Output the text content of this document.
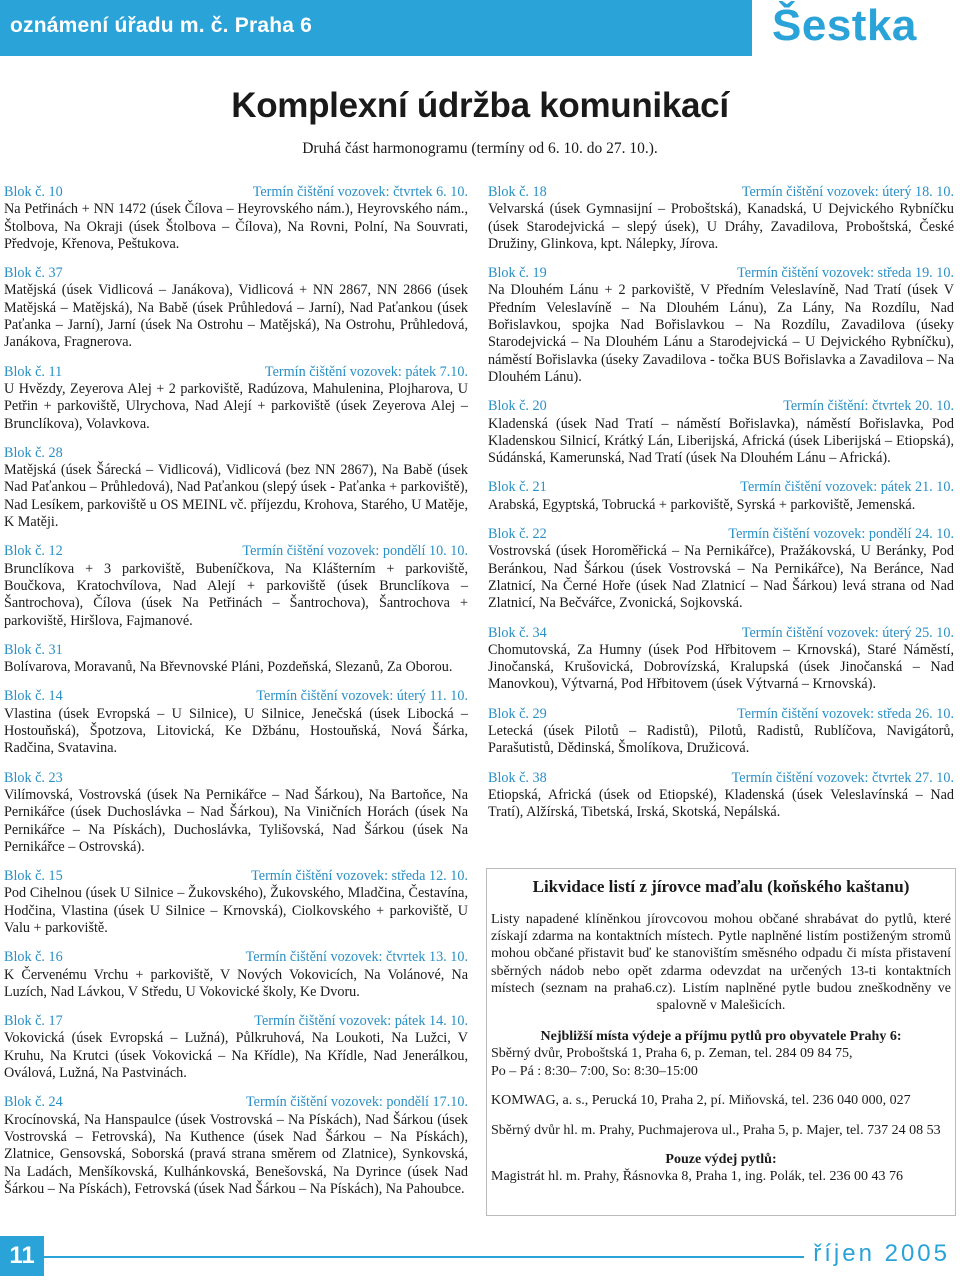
oznámení úřadu m. č. Praha 6	Šestka
Komplexní údržba komunikací
Druhá část harmonogramu (termíny od 6. 10. do 27. 10.).
Blok č. 10	Termín čištění vozovek: čtvrtek 6. 10.
Na Petřinách + NN 1472 (úsek Čílova – Heyrovského nám.), Heyrovského nám., Štolbova, Na Okraji (úsek Štolbova – Čílova), Na Rovni, Polní, Na Souvrati, Předvoje, Křenova, Peštukova.
Blok č. 37
Matějská (úsek Vidlicová – Janákova), Vidlicová + NN 2867, NN 2866 (úsek Matějská – Matějská), Na Babě (úsek Průhledová – Jarní), Nad Paťankou (úsek Paťanka – Jarní), Jarní (úsek Na Ostrohu – Matějská), Na Ostrohu, Průhledová, Janákova, Fragnerova.
Blok č. 11	Termín čištění vozovek: pátek 7.10.
U Hvězdy, Zeyerova Alej + 2 parkoviště, Radúzova, Mahulenina, Plojharova, U Petřin + parkoviště, Ulrychova, Nad Alejí + parkoviště (úsek Zeyerova Alej – Brunclíkova), Volavkova.
Blok č. 28
Matějská (úsek Šárecká – Vidlicová), Vidlicová (bez NN 2867), Na Babě (úsek Nad Paťankou – Průhledová), Nad Paťankou (slepý úsek - Paťanka + parkoviště), Nad Lesíkem, parkoviště u OS MEINL vč. příjezdu, Krohova, Starého, U Matěje, K Matěji.
Blok č. 12	Termín čištění vozovek: pondělí 10. 10.
Brunclíkova + 3 parkoviště, Bubeníčkova, Na Klášterním + parkoviště, Boučkova, Kratochvílova, Nad Alejí + parkoviště (úsek Brunclíkova – Šantrochova), Čílova (úsek Na Petřinách – Šantrochova), Šantrochova + parkoviště, Hiršlova, Fajmanové.
Blok č. 31
Bolívarova, Moravanů, Na Břevnovské Pláni, Pozdeňská, Slezanů, Za Oborou.
Blok č. 14	Termín čištění vozovek: úterý 11. 10.
Vlastina (úsek Evropská – U Silnice), U Silnice, Jenečská (úsek Libocká – Hostouňská), Špotzova, Litovická, Ke Džbánu, Hostouňská, Nová Šárka, Radčina, Svatavina.
Blok č. 23
Vilímovská, Vostrovská (úsek Na Pernikářce – Nad Šárkou), Na Bartoňce, Na Pernikářce (úsek Duchoslávka – Nad Šárkou), Na Viničních Horách (úsek Na Pernikářce – Na Pískách), Duchoslávka, Tylišovská, Nad Šárkou (úsek Na Pernikářce – Ostrovská).
Blok č. 15	Termín čištění vozovek: středa 12. 10.
Pod Cihelnou (úsek U Silnice – Žukovského), Žukovského, Mladčina, Čestavína, Hodčina, Vlastina (úsek U Silnice – Krnovská), Ciolkovského + parkoviště, U Valu + parkoviště.
Blok č. 16	Termín čištění vozovek: čtvrtek 13. 10.
K Červenému Vrchu + parkoviště, V Nových Vokovicích, Na Volánové, Na Luzích, Nad Lávkou, V Středu, U Vokovické školy, Ke Dvoru.
Blok č. 17	Termín čištění vozovek: pátek 14. 10.
Vokovická (úsek Evropská – Lužná), Půlkruhová, Na Loukoti, Na Lužci, V Kruhu, Na Krutci (úsek Vokovická – Na Křídle), Na Křídle, Nad Jenerálkou, Oválová, Lužná, Na Pastvinách.
Blok č. 24	Termín čištění vozovek: pondělí 17.10.
Krocínovská, Na Hanspaulce (úsek Vostrovská – Na Pískách), Nad Šárkou (úsek Vostrovská – Fetrovská), Na Kuthence (úsek Nad Šárkou – Na Pískách), Zlatnice, Gensovská, Soborská (pravá strana směrem od Zlatnice), Synkovská, Na Ladách, Menšíkovská, Kulhánkovská, Benešovská, Na Dyrince (úsek Nad Šárkou – Na Pískách), Fetrovská (úsek Nad Šárkou – Na Pískách), Na Pahoubce.
Blok č. 18	Termín čištění vozovek: úterý 18. 10.
Velvarská (úsek Gymnasijní – Proboštská), Kanadská, U Dejvického Rybníčku (úsek Starodejvická – slepý úsek), U Dráhy, Zavadilova, Proboštská, České Družiny, Glinkova, kpt. Nálepky, Jírova.
Blok č. 19	Termín čištění vozovek: středa 19. 10.
Na Dlouhém Lánu + 2 parkoviště, V Předním Veleslavíně, Nad Tratí (úsek V Předním Veleslavíně – Na Dlouhém Lánu), Za Lány, Na Rozdílu, Nad Bořislavkou, spojka Nad Bořislavkou – Na Rozdílu, Zavadilova (úseky Starodejvická – Na Dlouhém Lánu a Starodejvická – U Dejvického Rybníčku), náměstí Bořislavka (úseky Zavadilova - točka BUS Bořislavka a Zavadilova – Na Dlouhém Lánu).
Blok č. 20	Termín čištění: čtvrtek 20. 10.
Kladenská (úsek Nad Tratí – náměstí Bořislavka), náměstí Bořislavka, Pod Kladenskou Silnicí, Krátký Lán, Liberijská, Africká (úsek Liberijská – Etiopská), Súdánská, Kamerunská, Nad Tratí (úsek Na Dlouhém Lánu – Africká).
Blok č. 21	Termín čištění vozovek: pátek 21. 10.
Arabská, Egyptská, Tobrucká + parkoviště, Syrská + parkoviště, Jemenská.
Blok č. 22	Termín čištění vozovek: pondělí 24. 10.
Vostrovská (úsek Horoměřická – Na Pernikářce), Pražákovská, U Beránky, Pod Beránkou, Nad Šárkou (úsek Vostrovská – Na Pernikářce), Na Beránce, Nad Zlatnicí, Na Černé Hoře (úsek Nad Zlatnicí – Nad Šárkou) levá strana od Nad Zlatnicí, Na Bečvářce, Zvonická, Sojkovská.
Blok č. 34	Termín čištění vozovek: úterý 25. 10.
Chomutovská, Za Humny (úsek Pod Hřbitovem – Krnovská), Staré Náměstí, Jinočanská, Krušovická, Dobrovízská, Kralupská (úsek Jinočanská – Nad Manovkou), Výtvarná, Pod Hřbitovem (úsek Výtvarná – Krnovská).
Blok č. 29	Termín čištění vozovek: středa 26. 10.
Letecká (úsek Pilotů – Radistů), Pilotů, Radistů, Rublíčova, Navigátorů, Parašutistů, Dědinská, Šmolíkova, Družicová.
Blok č. 38	Termín čištění vozovek: čtvrtek 27. 10.
Etiopská, Africká (úsek od Etiopské), Kladenská (úsek Veleslavínská – Nad Tratí), Alžírská, Tibetská, Irská, Skotská, Nepálská.
Likvidace listí z jírovce maďalu (koňského kaštanu)
Listy napadené klíněnkou jírovcovou mohou občané shrabávat do pytlů, které získají zdarma na kontaktních místech. Pytle naplněné listím postiženým stromů mohou občané přistavit buď ke stanovištím směsného odpadu či místa přistavení sběrných nádob nebo opět zdarma odevzdat na určených 13-ti kontaktních místech (seznam na praha6.cz). Listím naplněné pytle budou zneškodněny ve spalovně v Malešicích.
Nejbližší místa výdeje a příjmu pytlů pro obyvatele Prahy 6:
Sběrný dvůr, Proboštská 1, Praha 6, p. Zeman, tel. 284 09 84 75,
Po – Pá : 8:30– 7:00, So: 8:30–15:00
KOMWAG, a. s., Perucká 10, Praha 2, pí. Miňovská, tel. 236 040 000, 027
Sběrný dvůr hl. m. Prahy, Puchmajerova ul., Praha 5, p. Majer, tel. 737 24 08 53
Pouze výdej pytlů:
Magistrát hl. m. Prahy, Řásnovka 8, Praha 1, ing. Polák, tel. 236 00 43 76
11	říjen 2005
